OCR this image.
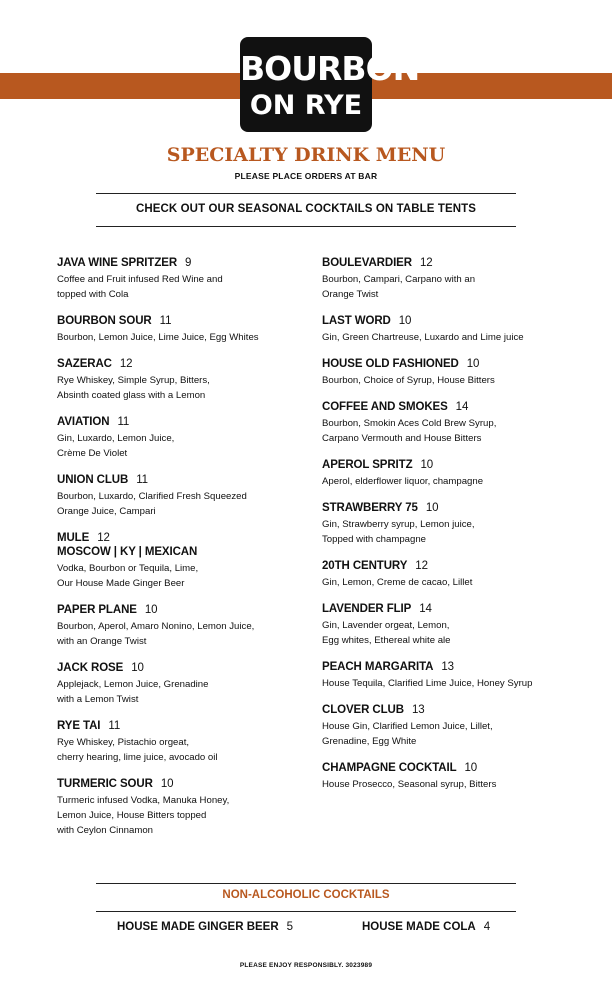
BOURBON
ON RYE
SPECIALTY DRINK MENU
PLEASE PLACE ORDERS AT BAR
CHECK OUT OUR SEASONAL COCKTAILS ON TABLE TENTS
JAVA WINE SPRITZER 9
Coffee and Fruit infused Red Wine and
topped with Cola
BOURBON SOUR 11
Bourbon, Lemon Juice, Lime Juice, Egg Whites
SAZERAC 12
Rye Whiskey, Simple Syrup, Bitters,
Absinth coated glass with a Lemon
AVIATION 11
Gin, Luxardo, Lemon Juice,
Crème De Violet
UNION CLUB 11
Bourbon, Luxardo, Clarified Fresh Squeezed
Orange Juice, Campari
MULE 12
MOSCOW | KY | MEXICAN
Vodka, Bourbon or Tequila, Lime,
Our House Made Ginger Beer
PAPER PLANE 10
Bourbon, Aperol, Amaro Nonino, Lemon Juice,
with an Orange Twist
JACK ROSE 10
Applejack, Lemon Juice, Grenadine
with a Lemon Twist
RYE TAI 11
Rye Whiskey, Pistachio orgeat,
cherry hearing, lime juice, avocado oil
TURMERIC SOUR 10
Turmeric infused Vodka, Manuka Honey,
Lemon Juice, House Bitters topped
with Ceylon Cinnamon
BOULEVARDIER 12
Bourbon, Campari, Carpano with an
Orange Twist
LAST WORD 10
Gin, Green Chartreuse, Luxardo and Lime juice
HOUSE OLD FASHIONED 10
Bourbon, Choice of Syrup, House Bitters
COFFEE AND SMOKES 14
Bourbon, Smokin Aces Cold Brew Syrup,
Carpano Vermouth and House Bitters
APEROL SPRITZ 10
Aperol, elderflower liquor, champagne
STRAWBERRY 75 10
Gin, Strawberry syrup, Lemon juice,
Topped with champagne
20TH CENTURY 12
Gin, Lemon, Creme de cacao, Lillet
LAVENDER FLIP 14
Gin, Lavender orgeat, Lemon,
Egg whites, Ethereal white ale
PEACH MARGARITA 13
House Tequila, Clarified Lime Juice, Honey Syrup
CLOVER CLUB 13
House Gin, Clarified Lemon Juice, Lillet,
Grenadine, Egg White
CHAMPAGNE COCKTAIL 10
House Prosecco, Seasonal syrup, Bitters
NON-ALCOHOLIC COCKTAILS
HOUSE MADE GINGER BEER 5	HOUSE MADE COLA 4
PLEASE ENJOY RESPONSIBLY. 3023989
